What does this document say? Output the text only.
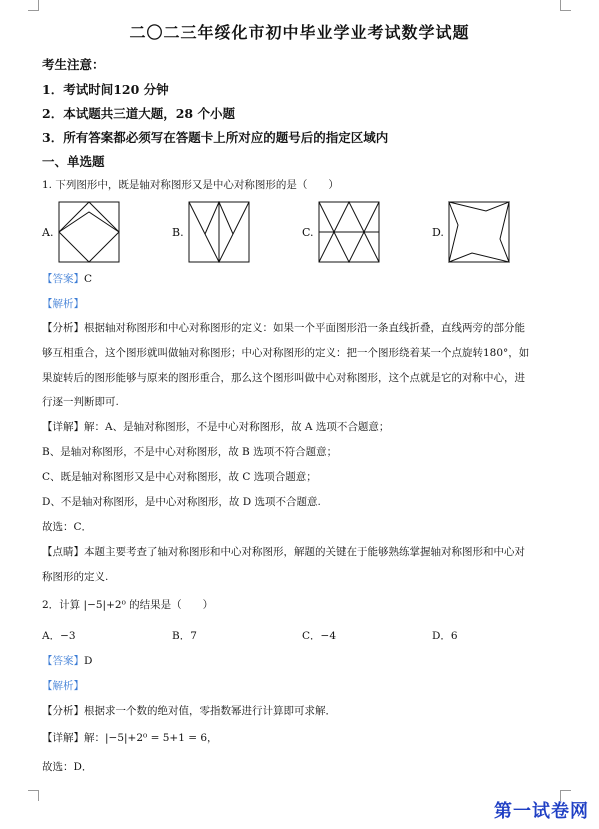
二〇二三年绥化市初中毕业学业考试数学试题
考生注意：
1．考试时间120 分钟
2．本试题共三道大题，28 个小题
3．所有答案都必须写在答题卡上所对应的题号后的指定区域内
一、单选题
1. 下列图形中，既是轴对称图形又是中心对称图形的是（　　）
A.	B.	C.	D.
【答案】C
【解析】
【分析】根据轴对称图形和中心对称图形的定义：如果一个平面图形沿一条直线折叠，直线两旁的部分能
够互相重合，这个图形就叫做轴对称图形；中心对称图形的定义：把一个图形绕着某一个点旋转180°，如
果旋转后的图形能够与原来的图形重合，那么这个图形叫做中心对称图形，这个点就是它的对称中心，进
行逐一判断即可.
【详解】解：A、是轴对称图形，不是中心对称图形，故 A 选项不合题意；
B、是轴对称图形，不是中心对称图形，故 B 选项不符合题意；
C、既是轴对称图形又是中心对称图形，故 C 选项合题意；
D、不是轴对称图形，是中心对称图形，故 D 选项不合题意.
故选：C．
【点睛】本题主要考查了轴对称图形和中心对称图形，解题的关键在于能够熟练掌握轴对称图形和中心对
称图形的定义.
2．计算 |−5|+2⁰ 的结果是（　　）
A．−3	B．7	C．−4	D．6
【答案】D
【解析】
【分析】根据求一个数的绝对值，零指数幂进行计算即可求解．
【详解】解：|−5|+2⁰ = 5+1 = 6，
故选：D．
第一试卷网
